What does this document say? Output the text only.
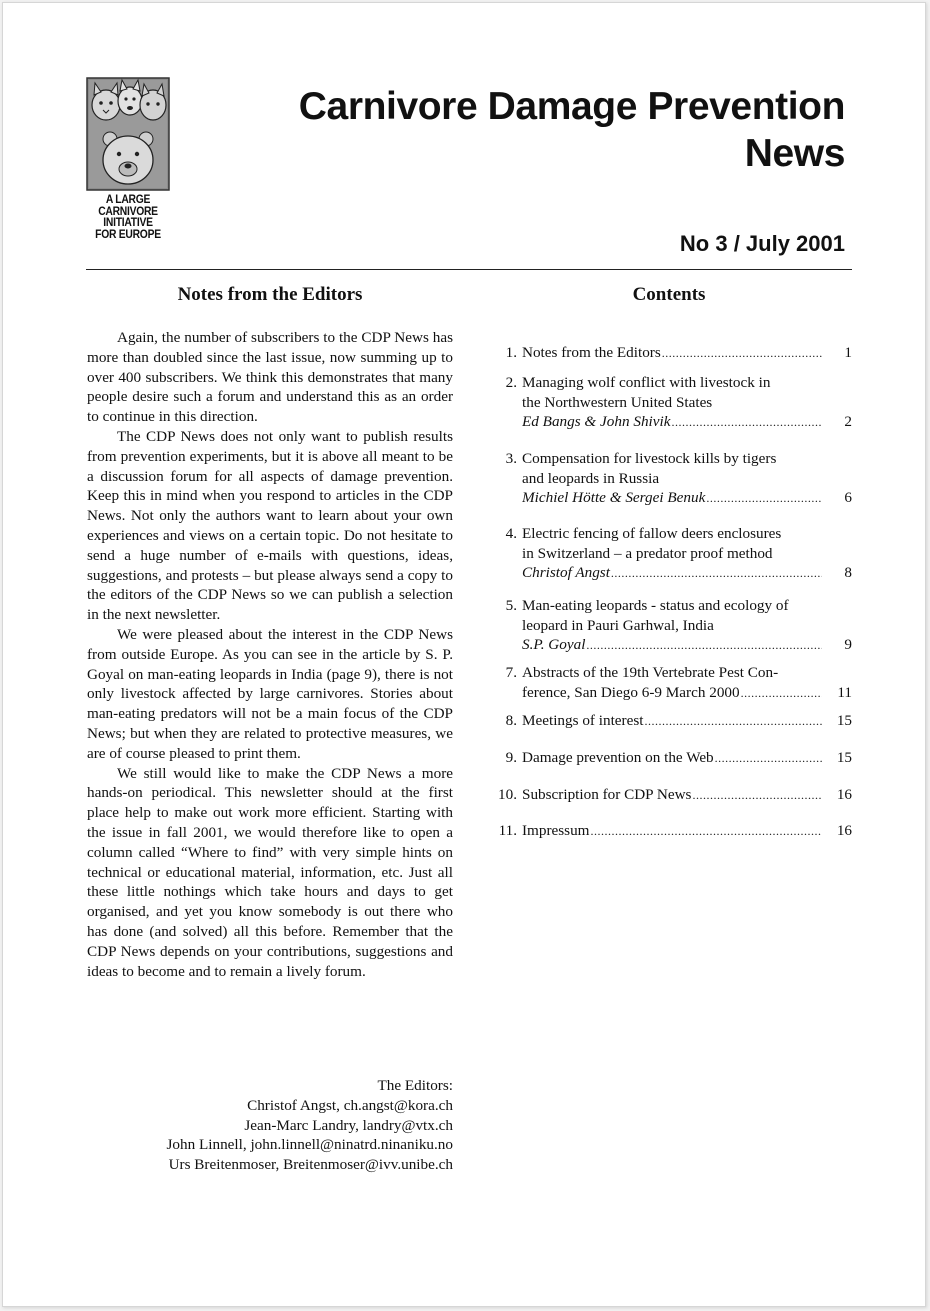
A LARGE
CARNIVORE
INITIATIVE
FOR EUROPE
Carnivore Damage Prevention
News
No 3 / July 2001
Notes from the Editors

Again, the number of subscribers to the CDP News has more than doubled since the last issue, now summing up to over 400 subscribers. We think this demonstrates that many people desire such a forum and understand this as an order to continue in this direction.

The CDP News does not only want to publish results from prevention experiments, but it is above all meant to be a discussion forum for all aspects of damage prevention. Keep this in mind when you respond to articles in the CDP News. Not only the authors want to learn about your own experiences and views on a certain topic. Do not hesitate to send a huge number of e-mails with questions, ideas, suggestions, and protests – but please always send a copy to the editors of the CDP News so we can publish a selection in the next newsletter.

We were pleased about the interest in the CDP News from outside Europe. As you can see in the article by S. P. Goyal on man-eating leopards in India (page 9), there is not only livestock affected by large carnivores. Stories about man-eating predators will not be a main focus of the CDP News; but when they are related to protective measures, we are of course pleased to print them.

We still would like to make the CDP News a more hands-on periodical. This newsletter should at the first place help to make out work more efficient. Starting with the issue in fall 2001, we would therefore like to open a column called “Where to find” with very simple hints on technical or educational material, information, etc. Just all these little nothings which take hours and days to get organised, and yet you know somebody is out there who has done (and solved) all this before. Remember that the CDP News depends on your contributions, suggestions and ideas to become and to remain a lively forum.

The Editors:
Christof Angst, ch.angst@kora.ch
Jean-Marc Landry, landry@vtx.ch
John Linnell, john.linnell@ninatrd.ninaniku.no
Urs Breitenmoser, Breitenmoser@ivv.unibe.ch
Contents
1. Notes from the Editors .....	1
2. Managing wolf conflict with livestock in
the Northwestern United States
Ed Bangs & John Shivik .....	2
3. Compensation for livestock kills by tigers
and leopards in Russia
Michiel Hötte & Sergei Benuk .....	6
4. Electric fencing of fallow deers enclosures
in Switzerland – a predator proof method
Christof Angst .....	8
5. Man-eating leopards - status and ecology of
leopard in Pauri Garhwal, India
S.P. Goyal .....	9
7. Abstracts of the 19th Vertebrate Pest Con-
ference, San Diego 6-9 March 2000 .....	11
8. Meetings of interest .....	15
9. Damage prevention on the Web .....	15
10. Subscription for CDP News .....	16
11. Impressum .....	16
